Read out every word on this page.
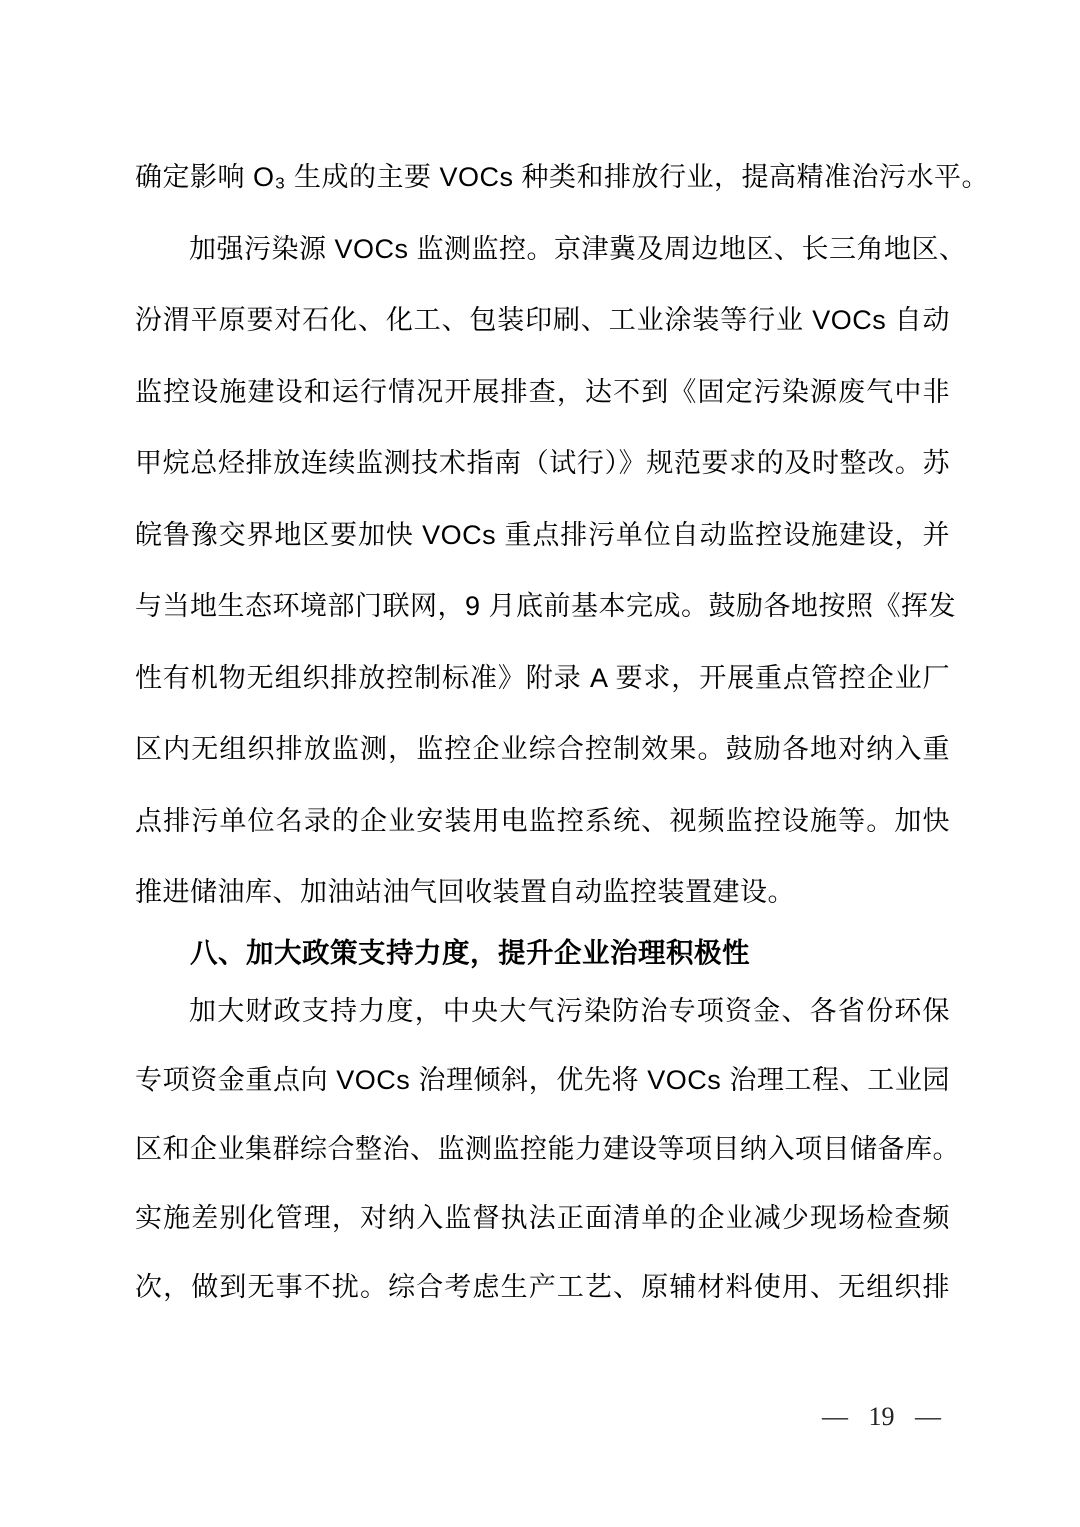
确定影响 O₃ 生成的主要 VOCs 种类和排放行业，提高精准治污水平。
加强污染源 VOCs 监测监控。京津冀及周边地区、长三角地区、
汾渭平原要对石化、化工、包装印刷、工业涂装等行业 VOCs 自动
监控设施建设和运行情况开展排查，达不到《固定污染源废气中非
甲烷总烃排放连续监测技术指南（试行）》规范要求的及时整改。苏
皖鲁豫交界地区要加快 VOCs 重点排污单位自动监控设施建设，并
与当地生态环境部门联网，9 月底前基本完成。鼓励各地按照《挥发
性有机物无组织排放控制标准》附录 A 要求，开展重点管控企业厂
区内无组织排放监测，监控企业综合控制效果。鼓励各地对纳入重
点排污单位名录的企业安装用电监控系统、视频监控设施等。加快
推进储油库、加油站油气回收装置自动监控装置建设。
八、加大政策支持力度，提升企业治理积极性
加大财政支持力度，中央大气污染防治专项资金、各省份环保
专项资金重点向 VOCs 治理倾斜，优先将 VOCs 治理工程、工业园
区和企业集群综合整治、监测监控能力建设等项目纳入项目储备库。
实施差别化管理，对纳入监督执法正面清单的企业减少现场检查频
次，做到无事不扰。综合考虑生产工艺、原辅材料使用、无组织排
— 19 —
